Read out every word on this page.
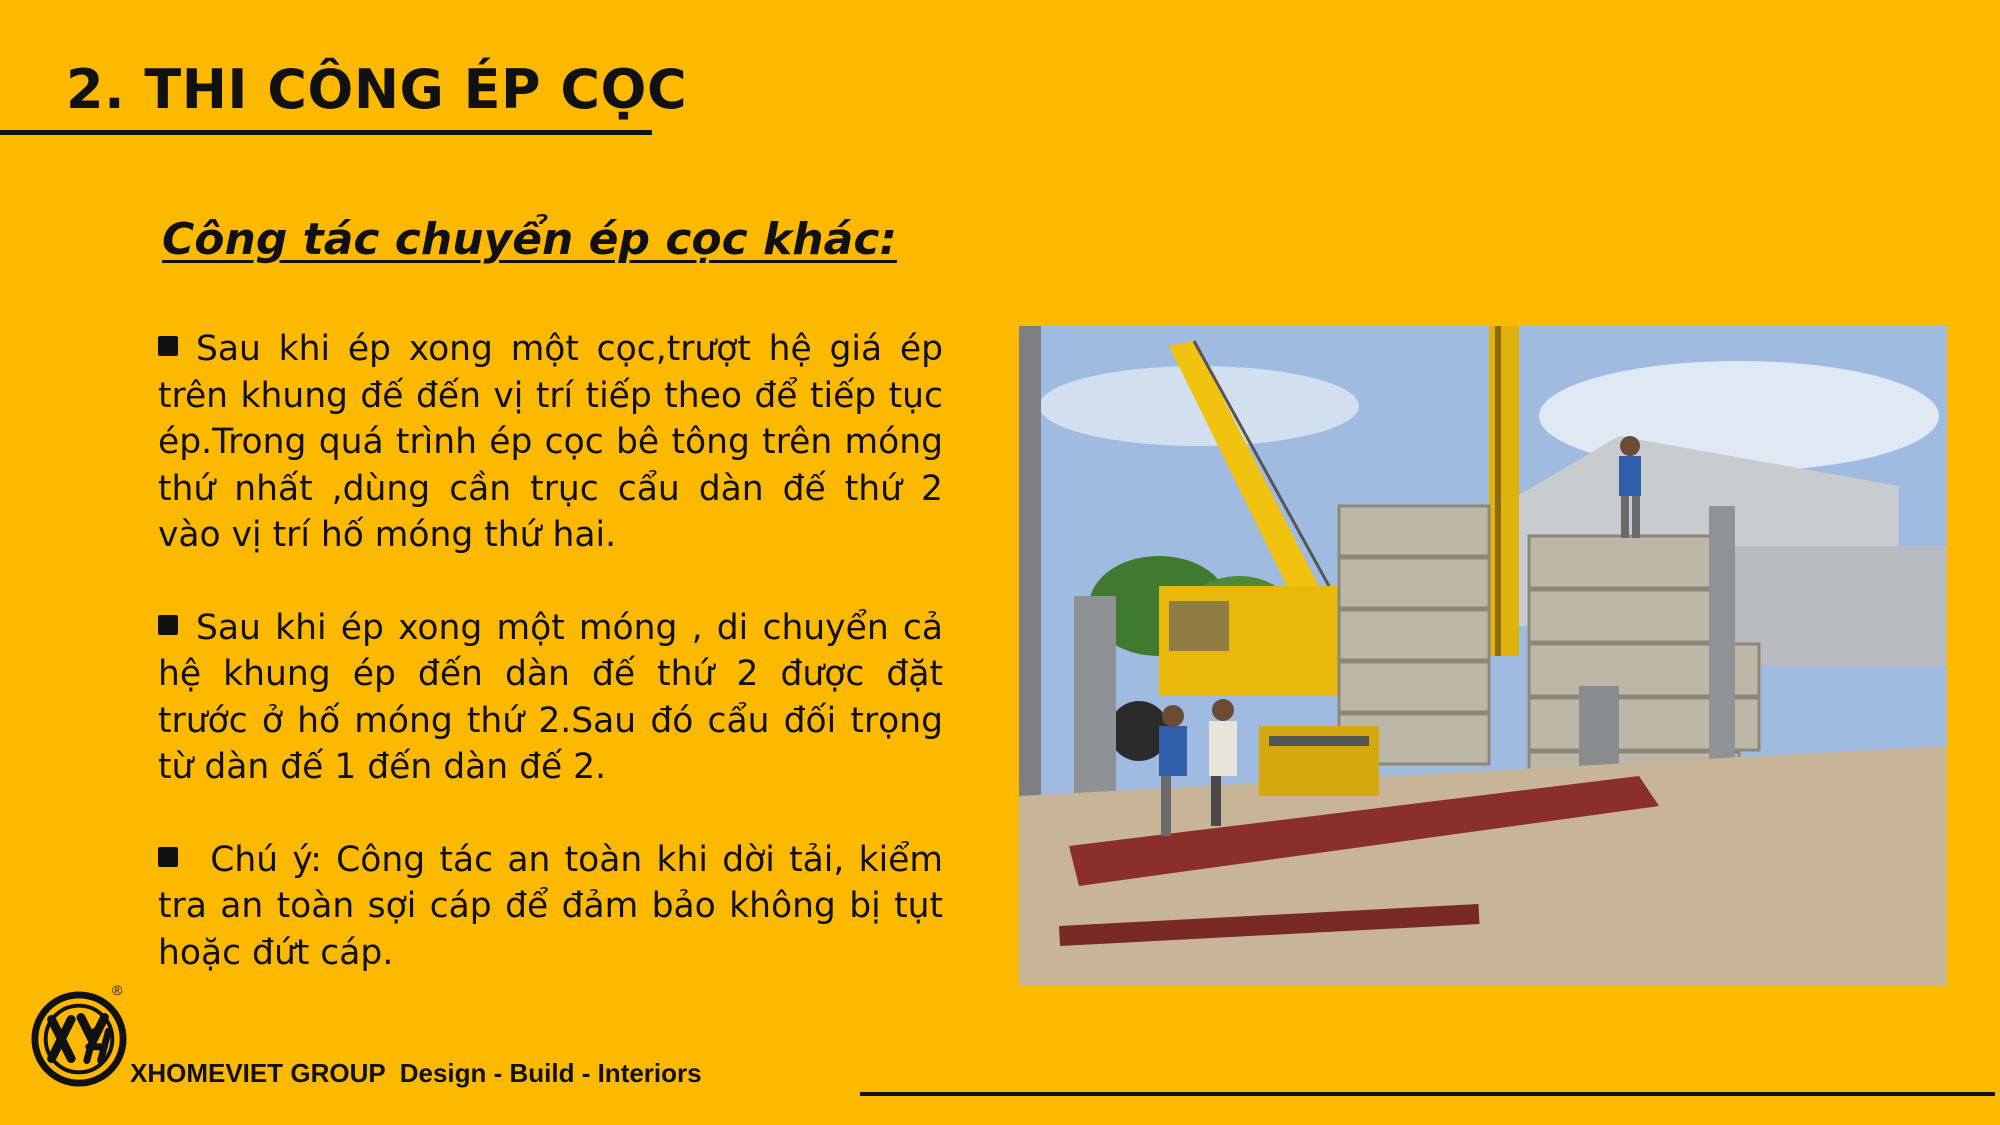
2. THI CÔNG ÉP CỌC
Công tác chuyển ép cọc khác:

Sau khi ép xong một cọc,trượt hệ giá ép trên khung đế đến vị trí tiếp theo để tiếp tục ép.Trong quá trình ép cọc bê tông trên móng thứ nhất ,dùng cần trục cẩu dàn đế thứ 2 vào vị trí hố móng thứ hai.

Sau khi ép xong một móng , di chuyển cả hệ khung ép đến dàn đế thứ 2 được đặt trước ở hố móng thứ 2.Sau đó cẩu đối trọng từ dàn đế 1 đến dàn đế 2.

Chú ý: Công tác an toàn khi dời tải, kiểm tra an toàn sợi cáp để đảm bảo không bị tụt hoặc đứt cáp.

®
XHOMEVIET GROUP Design - Build - Interiors
